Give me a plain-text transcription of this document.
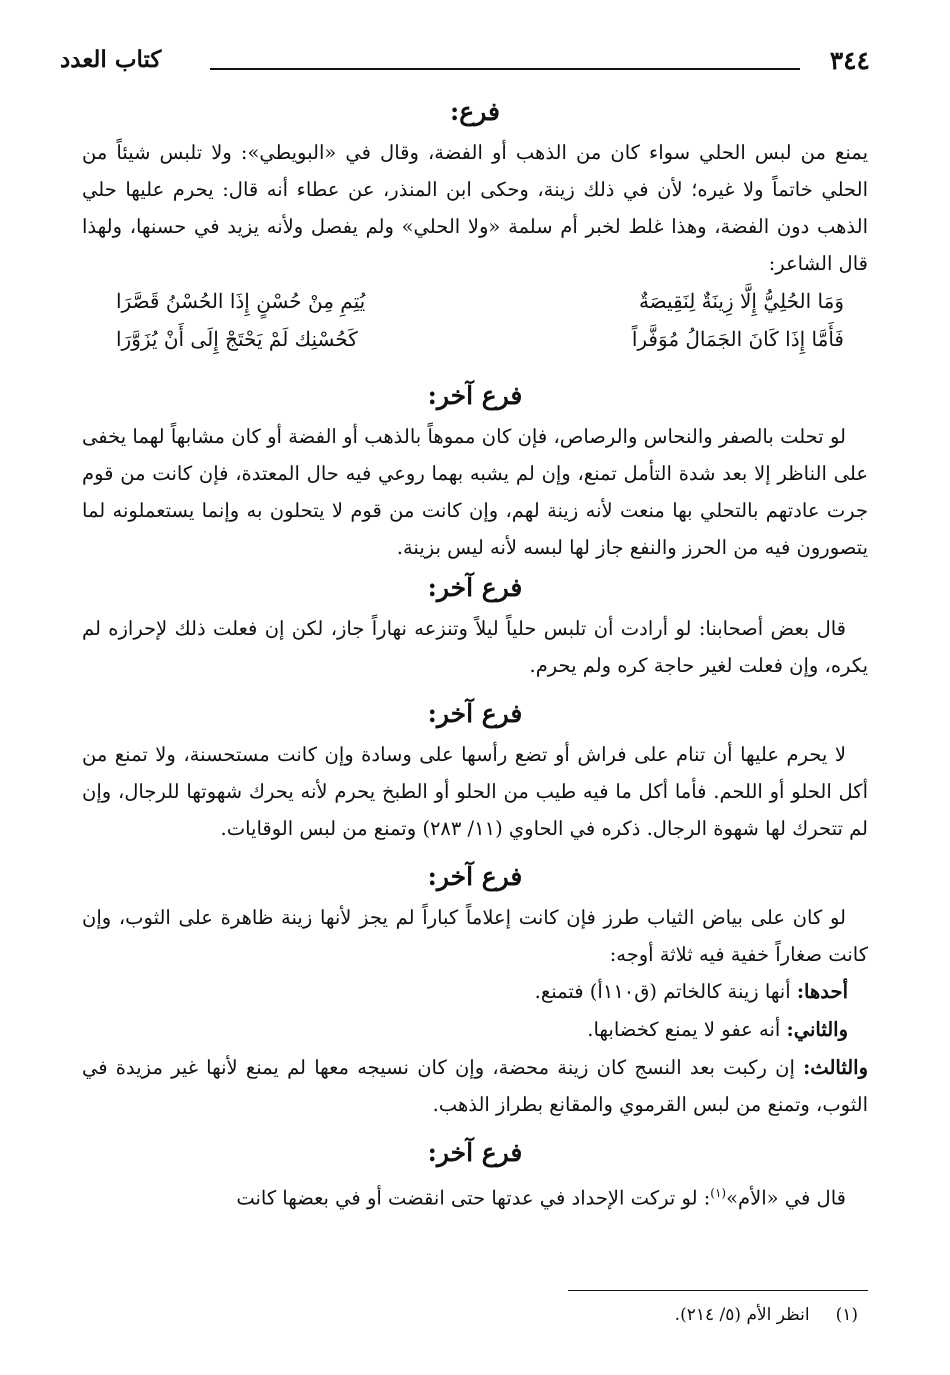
٣٤٤
كتاب العدد
فرع:

يمنع من لبس الحلي سواء كان من الذهب أو الفضة، وقال في «البويطي»: ولا تلبس شيئاً من الحلي خاتماً ولا غيره؛ لأن في ذلك زينة، وحكى ابن المنذر، عن عطاء أنه قال: يحرم عليها حلي الذهب دون الفضة، وهذا غلط لخبر أم سلمة «ولا الحلي» ولم يفصل ولأنه يزيد في حسنها، ولهذا قال الشاعر:

وَمَا الحُلِيُّ إِلَّا زِينَةٌ لِنَقِيصَةٌ
يُتِمِ مِنْ حُسْنٍ إِذَا الحُسْنُ قَصَّرَا
فَأَمَّا إِذَا كَانَ الجَمَالُ مُوَفَّراً
كَحُسْنِك لَمْ يَحْتَجْ إِلَى أَنْ يُزَوَّرَا
فرع آخر:

لو تحلت بالصفر والنحاس والرصاص، فإن كان مموهاً بالذهب أو الفضة أو كان مشابهاً لهما يخفى على الناظر إلا بعد شدة التأمل تمنع، وإن لم يشبه بهما روعي فيه حال المعتدة، فإن كانت من قوم جرت عادتهم بالتحلي بها منعت لأنه زينة لهم، وإن كانت من قوم لا يتحلون به وإنما يستعملونه لما يتصورون فيه من الحرز والنفع جاز لها لبسه لأنه ليس بزينة.

فرع آخر:

قال بعض أصحابنا: لو أرادت أن تلبس حلياً ليلاً وتنزعه نهاراً جاز، لكن إن فعلت ذلك لإحرازه لم يكره، وإن فعلت لغير حاجة كره ولم يحرم.

فرع آخر:

لا يحرم عليها أن تنام على فراش أو تضع رأسها على وسادة وإن كانت مستحسنة، ولا تمنع من أكل الحلو أو اللحم. فأما أكل ما فيه طيب من الحلو أو الطبخ يحرم لأنه يحرك شهوتها للرجال، وإن لم تتحرك لها شهوة الرجال. ذكره في الحاوي (١١/ ٢٨٣) وتمنع من لبس الوقايات.

فرع آخر:

لو كان على بياض الثياب طرز فإن كانت إعلاماً كباراً لم يجز لأنها زينة ظاهرة على الثوب، وإن كانت صغاراً خفية فيه ثلاثة أوجه:

أحدها: أنها زينة كالخاتم (ق١١٠أ) فتمنع.

والثاني: أنه عفو لا يمنع كخضابها.

والثالث: إن ركبت بعد النسج كان زينة محضة، وإن كان نسيجه معها لم يمنع لأنها غير مزيدة في الثوب، وتمنع من لبس القرموي والمقانع بطراز الذهب.

فرع آخر:

قال في «الأم»$^{(١)}$: لو تركت الإحداد في عدتها حتى انقضت أو في بعضها كانت

(١)انظر الأم (٥/ ٢١٤).
